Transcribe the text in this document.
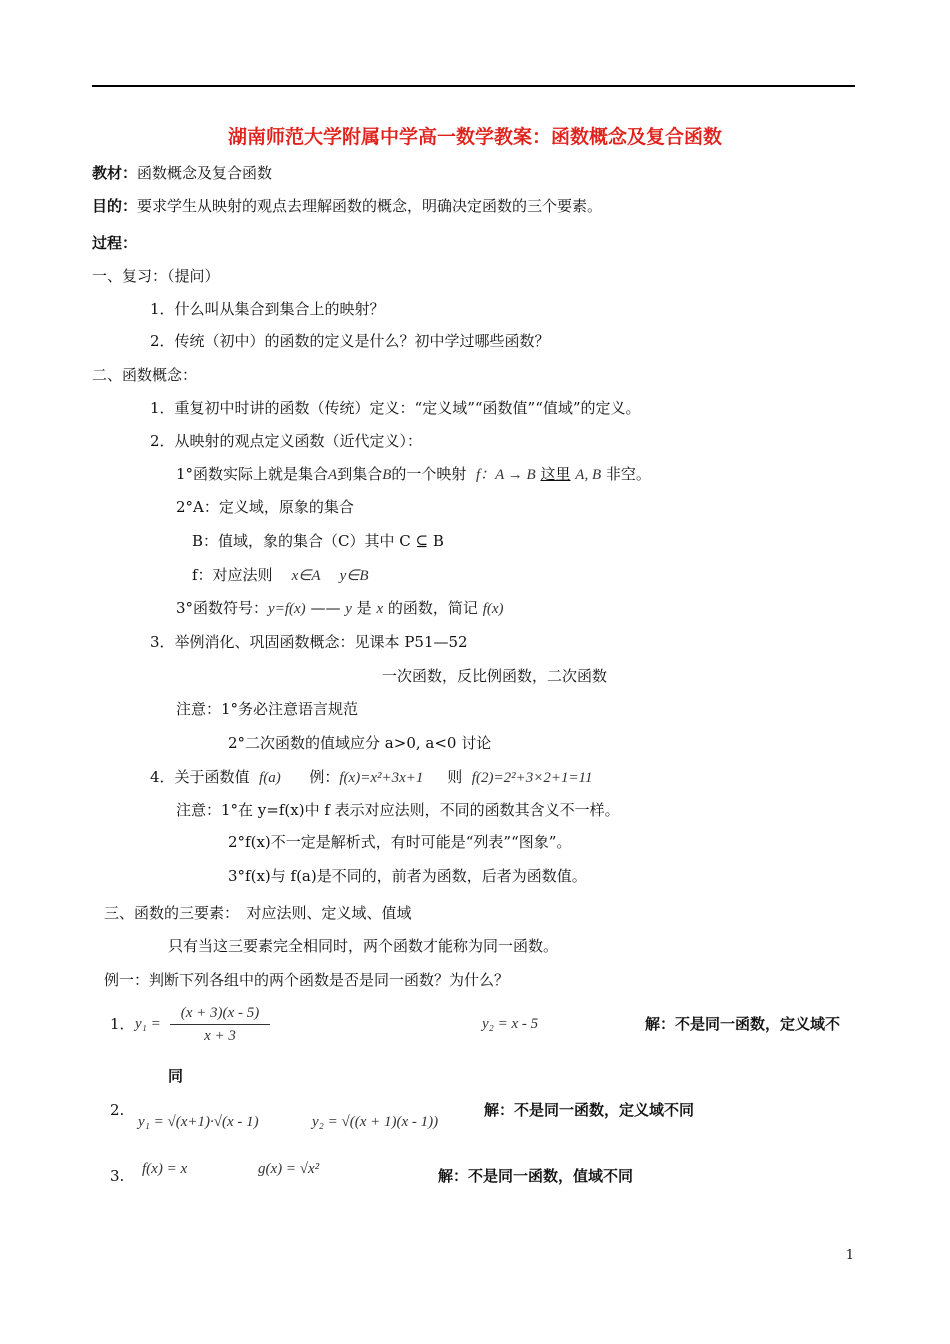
湖南师范大学附属中学高一数学教案：函数概念及复合函数
教材：函数概念及复合函数
目的：要求学生从映射的观点去理解函数的概念，明确决定函数的三个要素。
过程：
一、复习：（提问）
1．什么叫从集合到集合上的映射？
2．传统（初中）的函数的定义是什么？初中学过哪些函数？
二、函数概念：
1．重复初中时讲的函数（传统）定义：“定义域”“函数值”“值域”的定义。
2．从映射的观点定义函数（近代定义）：
1°函数实际上就是集合A到集合B的一个映射 f：A → B 这里 A, B 非空。
2°A：定义域，原象的集合
B：值域，象的集合（C）其中 C ⊆ B
f：对应法则 x∈A y∈B
3°函数符号：y=f(x) —— y 是 x 的函数，简记 f(x)
3．举例消化、巩固函数概念：见课本 P51—52
一次函数，反比例函数，二次函数
注意：1°务必注意语言规范
2°二次函数的值域应分 a>0, a<0 讨论
4．关于函数值 f(a) 例：f(x)=x²+3x+1 则 f(2)=2²+3×2+1=11
注意：1°在 y=f(x)中 f 表示对应法则，不同的函数其含义不一样。
2°f(x)不一定是解析式，有时可能是“列表”“图象”。
3°f(x)与 f(a)是不同的，前者为函数，后者为函数值。
三、函数的三要素：　对应法则、定义域、值域
只有当这三要素完全相同时，两个函数才能称为同一函数。
例一：判断下列各组中的两个函数是否是同一函数？为什么？
1． $y_1 = \frac{(x + 3)(x - 5)}{x + 3}$	y₂ = x - 5	解：不是同一函数，定义域不
同
2.
y₁ = √(x+1)·√(x - 1)	y₂ = √((x + 1)(x - 1))
解：不是同一函数，定义域不同
3. f(x) = x	g(x) = √x²	解：不是同一函数，值域不同
1
